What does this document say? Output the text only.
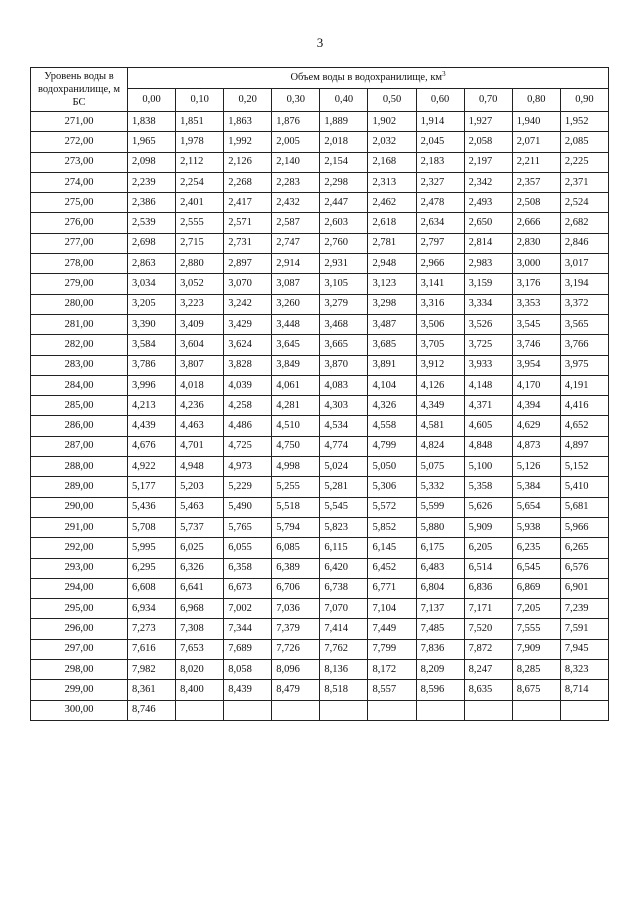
3
Уровень воды в водохранилище, м БС	Объем воды в водохранилище, $км^3$
	0,00	0,10	0,20	0,30	0,40	0,50	0,60	0,70	0,80	0,90
271,00	1,838	1,851	1,863	1,876	1,889	1,902	1,914	1,927	1,940	1,952
272,00	1,965	1,978	1,992	2,005	2,018	2,032	2,045	2,058	2,071	2,085
273,00	2,098	2,112	2,126	2,140	2,154	2,168	2,183	2,197	2,211	2,225
274,00	2,239	2,254	2,268	2,283	2,298	2,313	2,327	2,342	2,357	2,371
275,00	2,386	2,401	2,417	2,432	2,447	2,462	2,478	2,493	2,508	2,524
276,00	2,539	2,555	2,571	2,587	2,603	2,618	2,634	2,650	2,666	2,682
277,00	2,698	2,715	2,731	2,747	2,760	2,781	2,797	2,814	2,830	2,846
278,00	2,863	2,880	2,897	2,914	2,931	2,948	2,966	2,983	3,000	3,017
279,00	3,034	3,052	3,070	3,087	3,105	3,123	3,141	3,159	3,176	3,194
280,00	3,205	3,223	3,242	3,260	3,279	3,298	3,316	3,334	3,353	3,372
281,00	3,390	3,409	3,429	3,448	3,468	3,487	3,506	3,526	3,545	3,565
282,00	3,584	3,604	3,624	3,645	3,665	3,685	3,705	3,725	3,746	3,766
283,00	3,786	3,807	3,828	3,849	3,870	3,891	3,912	3,933	3,954	3,975
284,00	3,996	4,018	4,039	4,061	4,083	4,104	4,126	4,148	4,170	4,191
285,00	4,213	4,236	4,258	4,281	4,303	4,326	4,349	4,371	4,394	4,416
286,00	4,439	4,463	4,486	4,510	4,534	4,558	4,581	4,605	4,629	4,652
287,00	4,676	4,701	4,725	4,750	4,774	4,799	4,824	4,848	4,873	4,897
288,00	4,922	4,948	4,973	4,998	5,024	5,050	5,075	5,100	5,126	5,152
289,00	5,177	5,203	5,229	5,255	5,281	5,306	5,332	5,358	5,384	5,410
290,00	5,436	5,463	5,490	5,518	5,545	5,572	5,599	5,626	5,654	5,681
291,00	5,708	5,737	5,765	5,794	5,823	5,852	5,880	5,909	5,938	5,966
292,00	5,995	6,025	6,055	6,085	6,115	6,145	6,175	6,205	6,235	6,265
293,00	6,295	6,326	6,358	6,389	6,420	6,452	6,483	6,514	6,545	6,576
294,00	6,608	6,641	6,673	6,706	6,738	6,771	6,804	6,836	6,869	6,901
295,00	6,934	6,968	7,002	7,036	7,070	7,104	7,137	7,171	7,205	7,239
296,00	7,273	7,308	7,344	7,379	7,414	7,449	7,485	7,520	7,555	7,591
297,00	7,616	7,653	7,689	7,726	7,762	7,799	7,836	7,872	7,909	7,945
298,00	7,982	8,020	8,058	8,096	8,136	8,172	8,209	8,247	8,285	8,323
299,00	8,361	8,400	8,439	8,479	8,518	8,557	8,596	8,635	8,675	8,714
300,00	8,746									
